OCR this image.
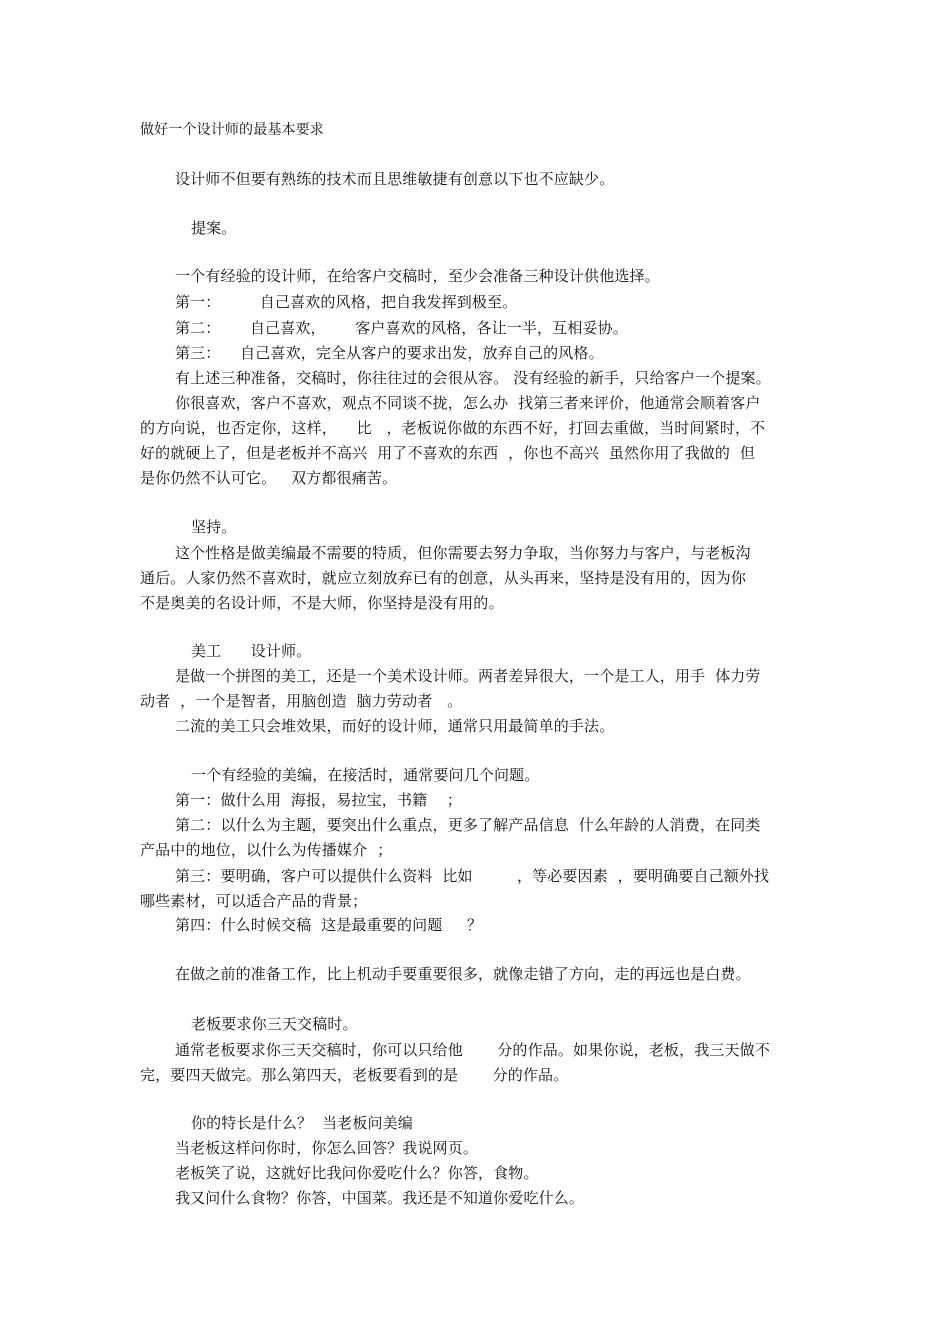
做好一个设计师的最基本要求
设计师不但要有熟练的技术而且思维敏捷有创意以下也不应缺少。
提案。
一个有经验的设计师，在给客户交稿时，至少会准备三种设计供他选择。
第一：        自己喜欢的风格，把自我发挥到极至。
第二：      自己喜欢，      客户喜欢的风格，各让一半，互相妥协。
第三：    自己喜欢，完全从客户的要求出发，放弃自己的风格。
有上述三种准备，交稿时，你往往过的会很从容。 没有经验的新手，只给客户一个提案。
你很喜欢，客户不喜欢，观点不同谈不拢，怎么办  找第三者来评价，他通常会顺着客户
的方向说，也否定你，这样，    比   ，老板说你做的东西不好，打回去重做，当时间紧时，不
好的就硬上了，但是老板并不高兴  用了不喜欢的东西  ，你也不高兴  虽然你用了我做的  但
是你仍然不认可它。   双方都很痛苦。
坚持。
这个性格是做美编最不需要的特质，但你需要去努力争取，当你努力与客户，与老板沟
通后。人家仍然不喜欢时，就应立刻放弃已有的创意，从头再来，坚持是没有用的，因为你
不是奥美的名设计师，不是大师，你坚持是没有用的。
美工      设计师。
是做一个拼图的美工，还是一个美术设计师。两者差异很大，一个是工人，用手  体力劳
动者  ，一个是智者，用脑创造  脑力劳动者   。
二流的美工只会堆效果，而好的设计师，通常只用最简单的手法。
一个有经验的美编，在接活时，通常要问几个问题。
第一：做什么用  海报，易拉宝，书籍    ；
第二：以什么为主题，要突出什么重点，更多了解产品信息  什么年龄的人消费，在同类
产品中的地位，以什么为传播媒介  ；
第三：要明确，客户可以提供什么资料  比如         ，等必要因素  ，要明确要自己额外找
哪些素材，可以适合产品的背景；
第四：什么时候交稿  这是最重要的问题     ？
在做之前的准备工作，比上机动手要重要很多，就像走错了方向，走的再远也是白费。
老板要求你三天交稿时。
通常老板要求你三天交稿时，你可以只给他       分的作品。如果你说，老板，我三天做不
完，要四天做完。那么第四天，老板要看到的是       分的作品。
你的特长是什么？  当老板问美编
当老板这样问你时，你怎么回答？我说网页。
老板笑了说，这就好比我问你爱吃什么？你答，食物。
我又问什么食物？你答，中国菜。我还是不知道你爱吃什么。
